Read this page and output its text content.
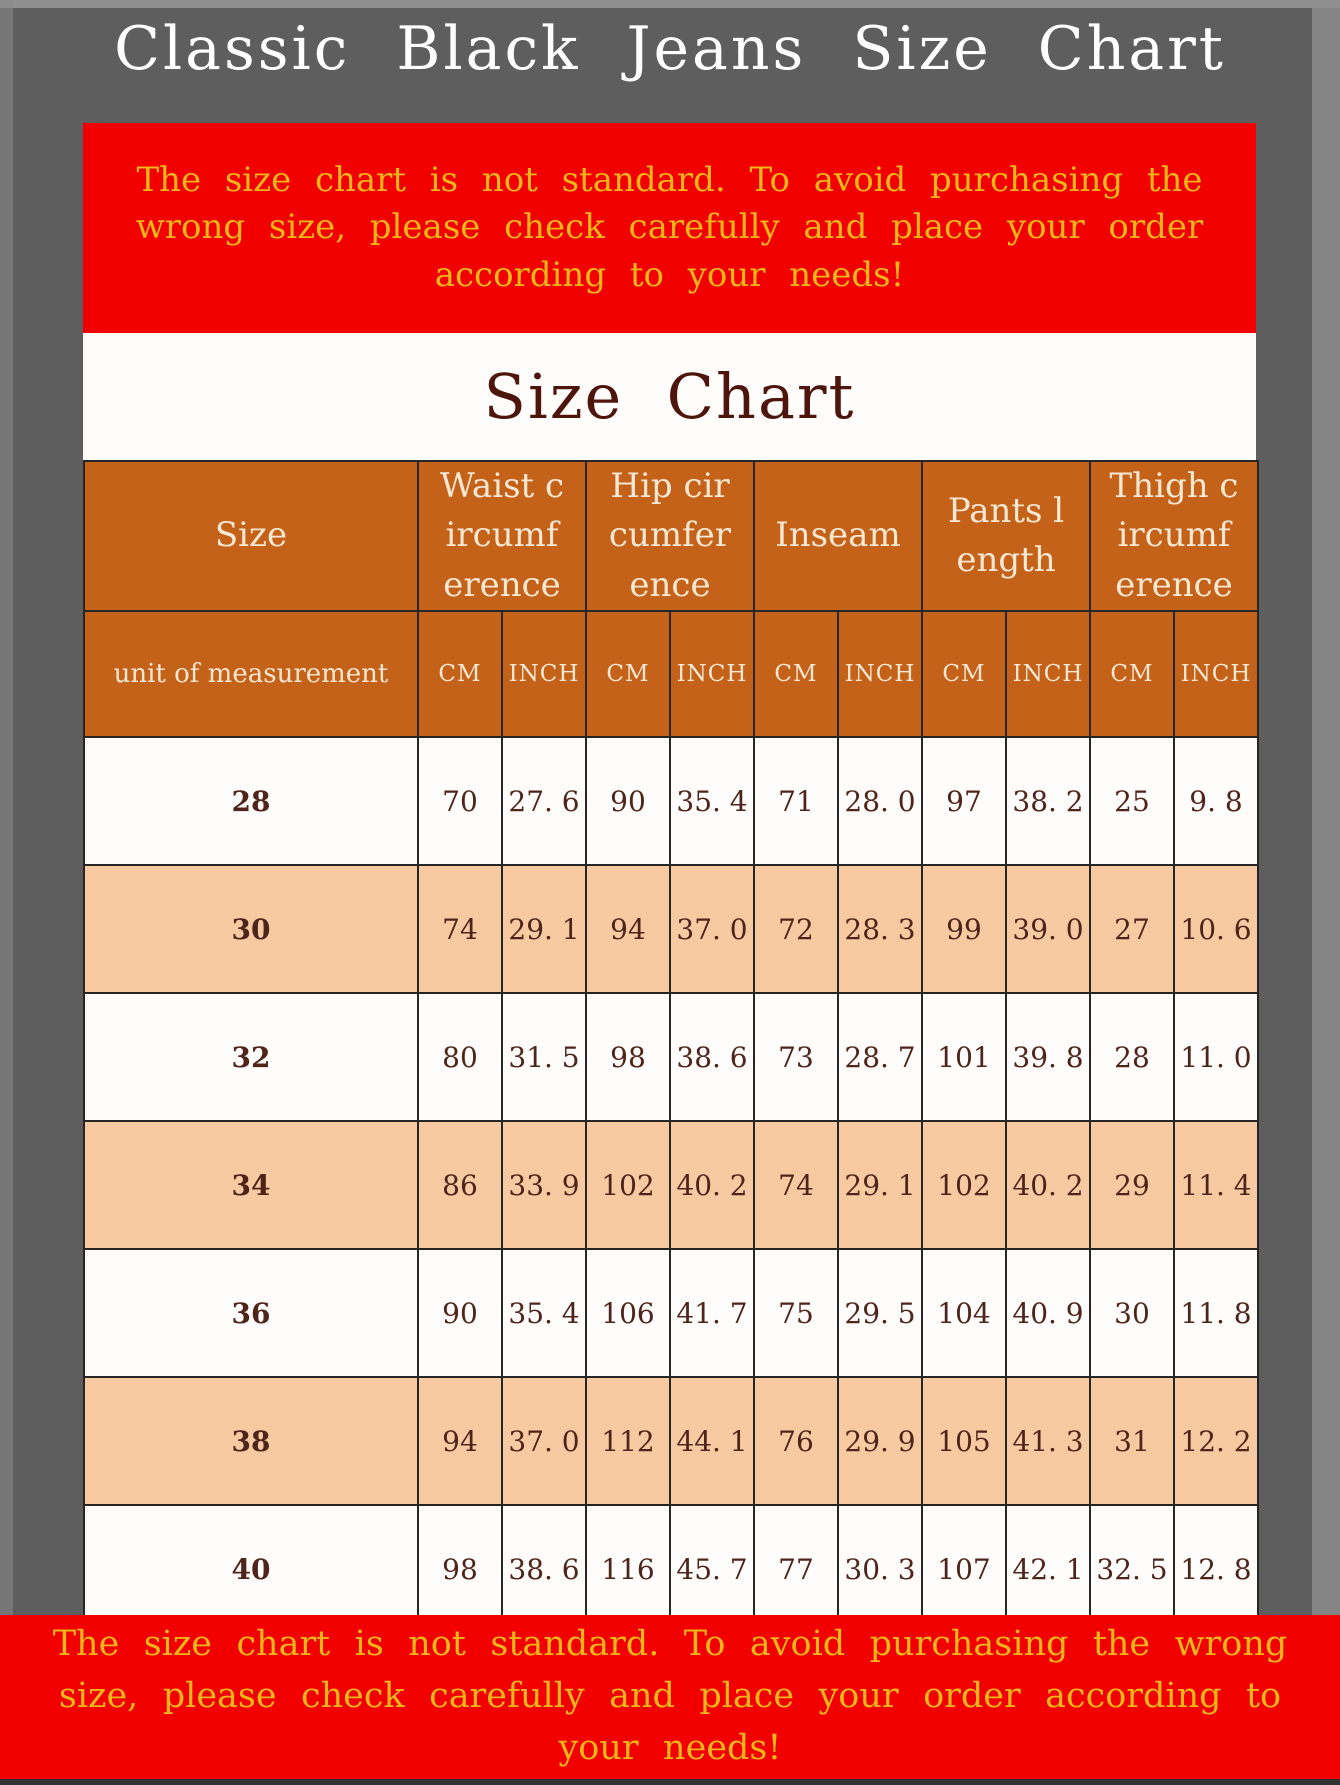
Classic Black Jeans Size Chart

The size chart is not standard. To avoid purchasing the wrong size, please check carefully and place your order according to your needs!

Size Chart
Size	Waist circumference		Hip circumference		Inseam		Pants length		Thigh circumference	
unit of measurement	CM	INCH	CM	INCH	CM	INCH	CM	INCH	CM	INCH
28	70	27. 6	90	35. 4	71	28. 0	97	38. 2	25	9. 8
30	74	29. 1	94	37. 0	72	28. 3	99	39. 0	27	10. 6
32	80	31. 5	98	38. 6	73	28. 7	101	39. 8	28	11. 0
34	86	33. 9	102	40. 2	74	29. 1	102	40. 2	29	11. 4
36	90	35. 4	106	41. 7	75	29. 5	104	40. 9	30	11. 8
38	94	37. 0	112	44. 1	76	29. 9	105	41. 3	31	12. 2
40	98	38. 6	116	45. 7	77	30. 3	107	42. 1	32. 5	12. 8

The size chart is not standard. To avoid purchasing the wrong size, please check carefully and place your order according to your needs!
